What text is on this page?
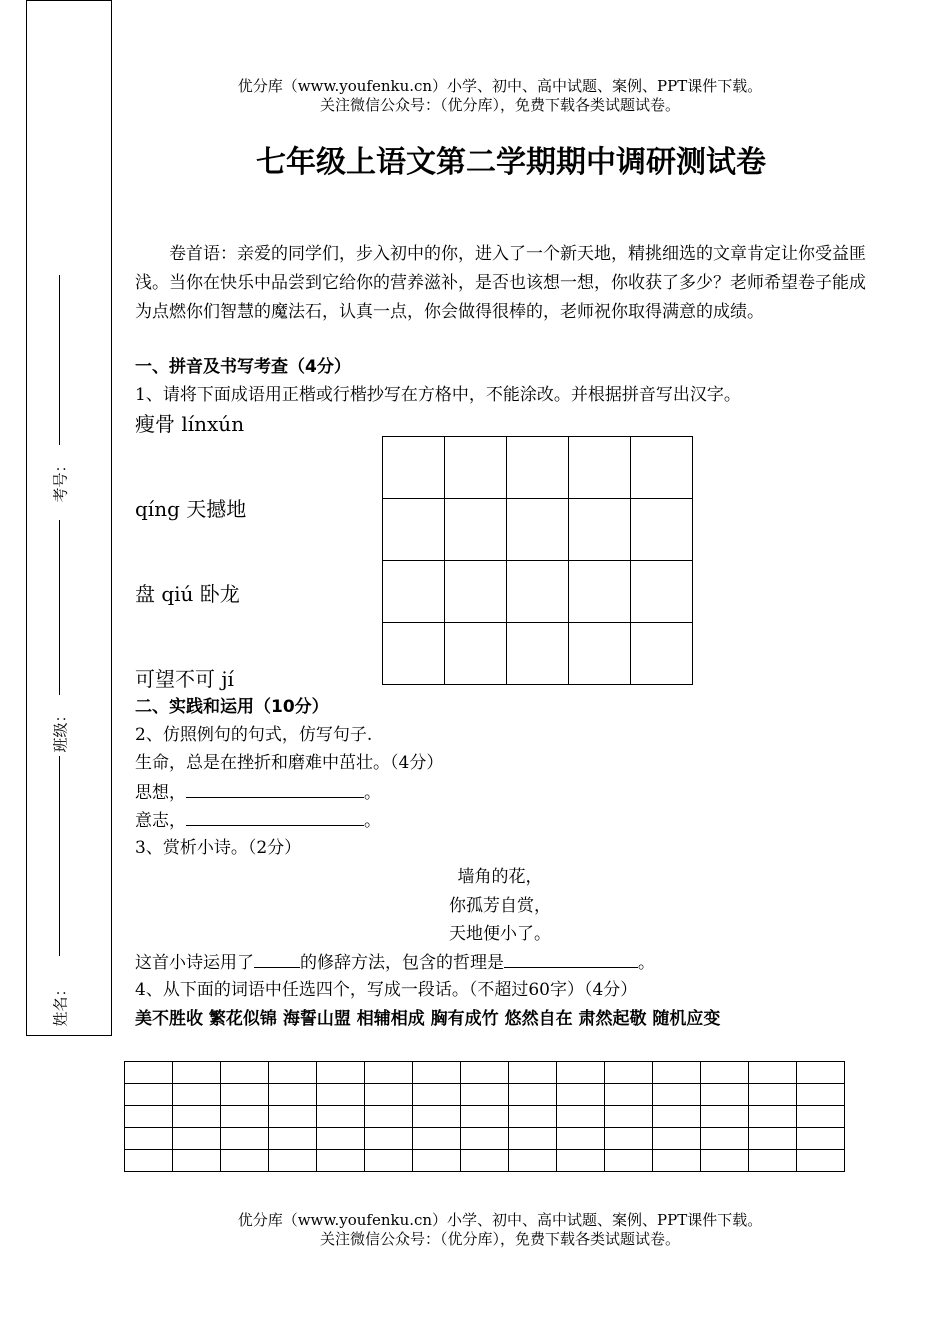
优分库（www.youfenku.cn）小学、初中、高中试题、案例、PPT课件下载。
关注微信公众号：（优分库），免费下载各类试题试卷。
考号：
班级：
姓名：
七年级上语文第二学期期中调研测试卷
卷首语：亲爱的同学们，步入初中的你，进入了一个新天地，精挑细选的文章肯定让你受益匪浅。当你在快乐中品尝到它给你的营养滋补，是否也该想一想，你收获了多少？老师希望卷子能成为点燃你们智慧的魔法石，认真一点，你会做得很棒的，老师祝你取得满意的成绩。
一、拼音及书写考查（4分）
1、请将下面成语用正楷或行楷抄写在方格中，不能涂改。并根据拼音写出汉字。
瘦骨 línxún
qíng 天撼地
盘 qiú 卧龙
可望不可 jí

二、实践和运用（10分）
2、仿照例句的句式，仿写句子.
生命，总是在挫折和磨难中茁壮。（4分）
思想，	。
意志，	。
3、赏析小诗。（2分）
墙角的花，
你孤芳自赏，
天地便小了。
这首小诗运用了	的修辞方法，包含的哲理是	。
4、从下面的词语中任选四个，写成一段话。（不超过60字）（4分）
美不胜收 繁花似锦 海誓山盟 相辅相成 胸有成竹 悠然自在 肃然起敬 随机应变

优分库（www.youfenku.cn）小学、初中、高中试题、案例、PPT课件下载。
关注微信公众号：（优分库），免费下载各类试题试卷。
